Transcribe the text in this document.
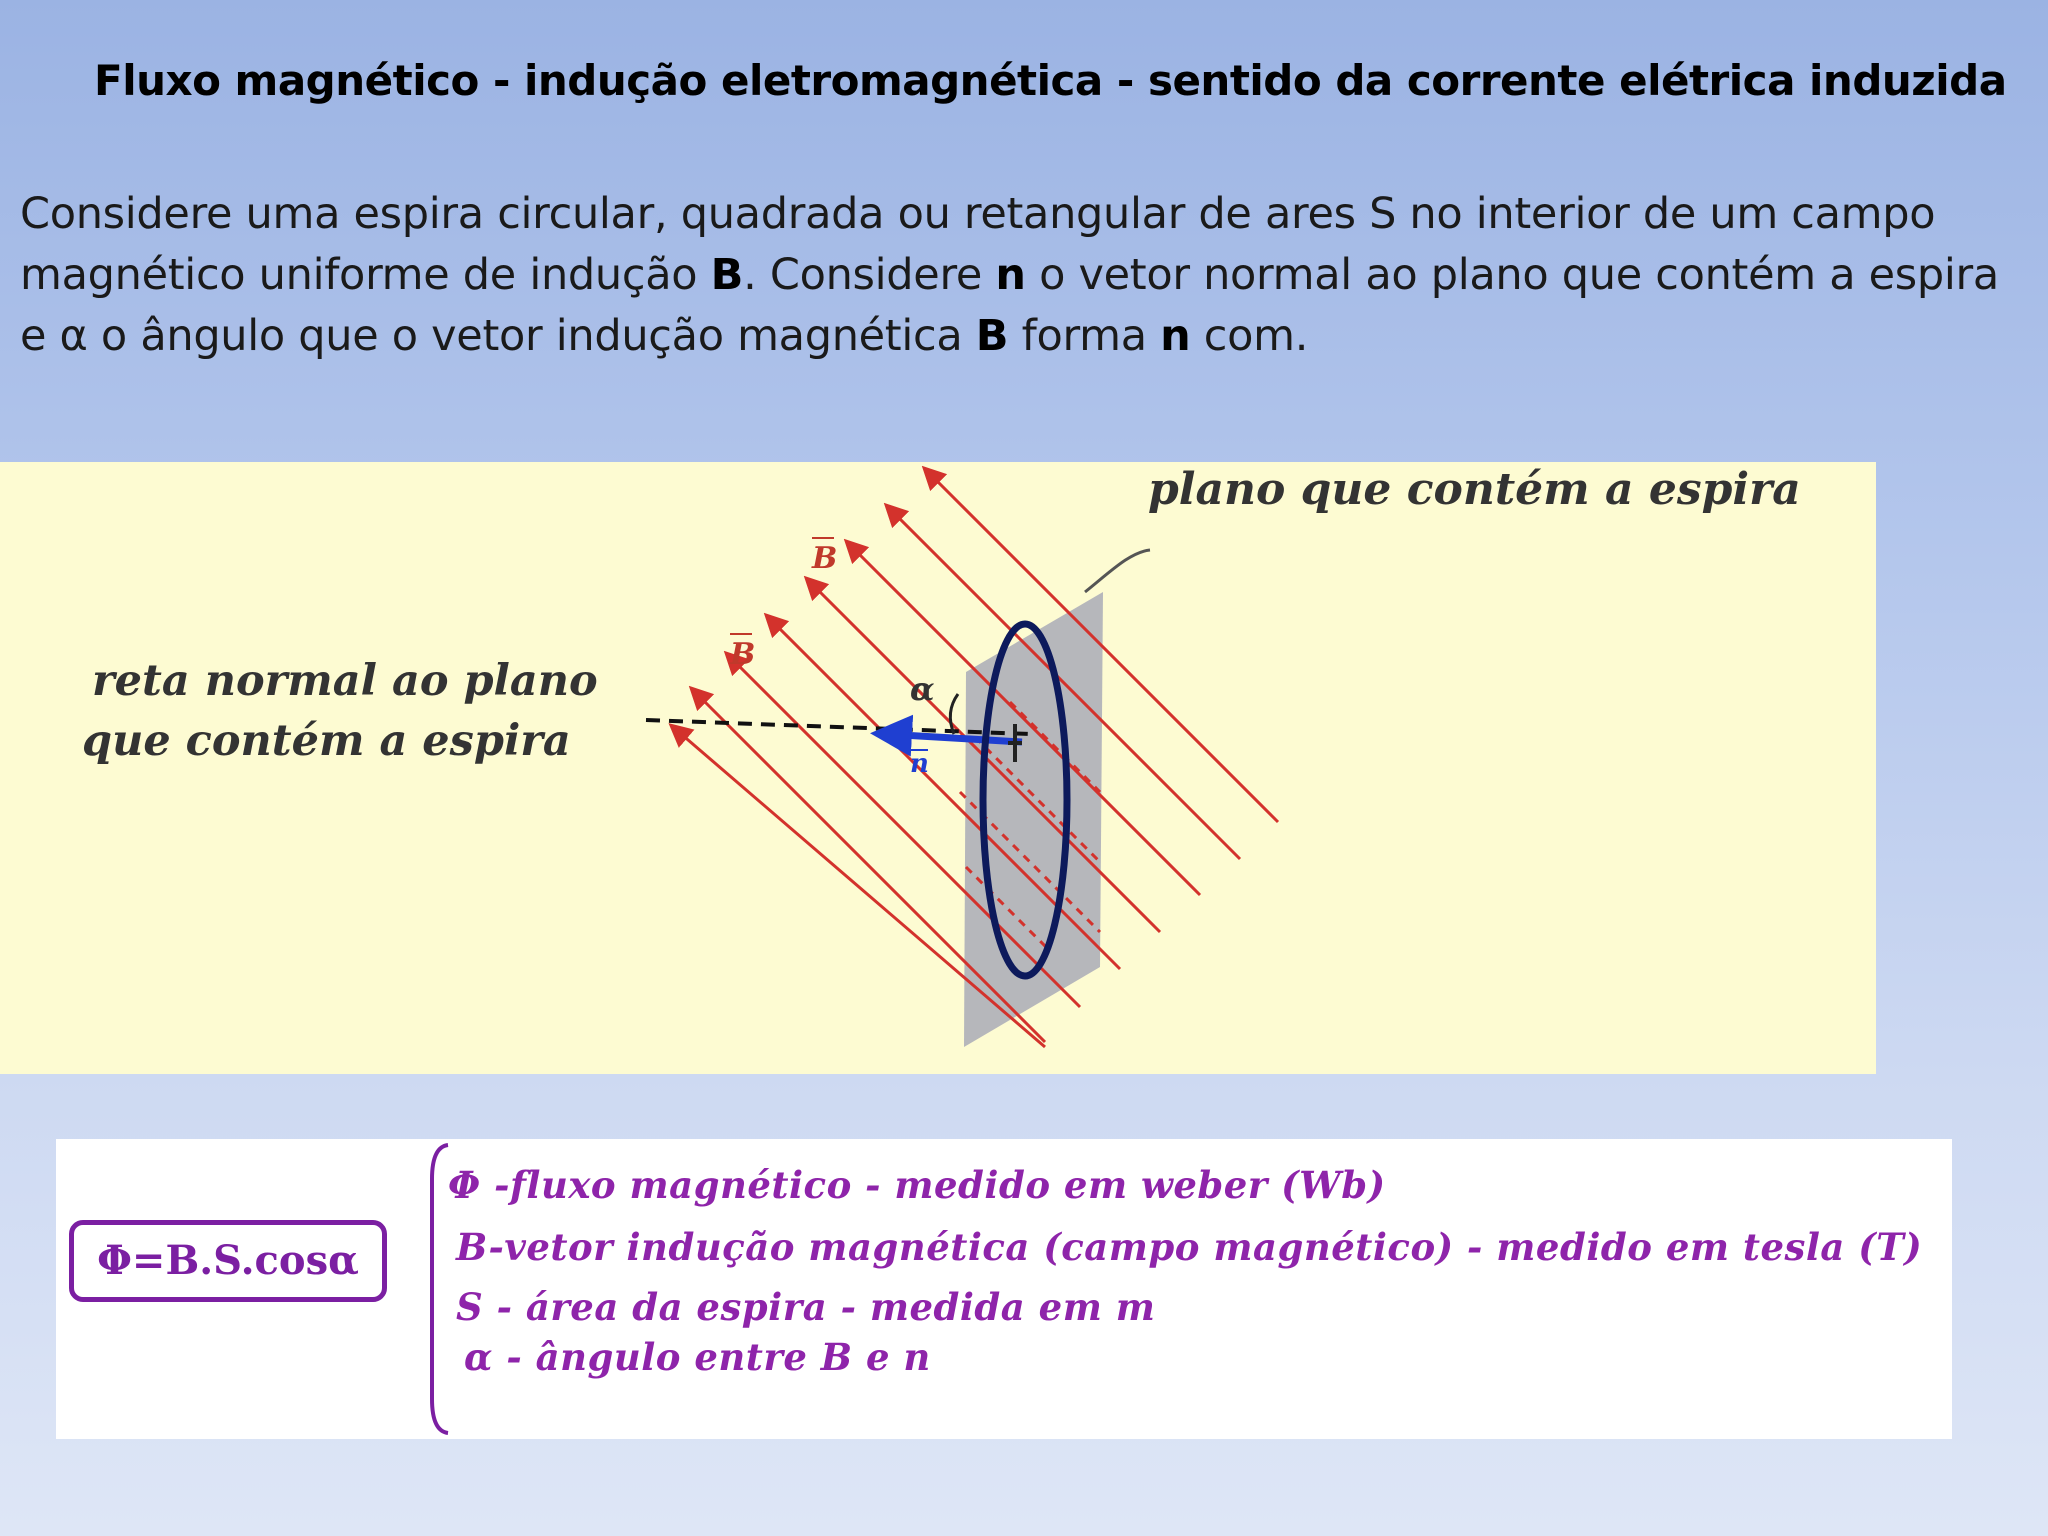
Fluxo magnético - indução eletromagnética - sentido da corrente elétrica induzida

Considere uma espira circular, quadrada ou retangular de ares S no interior de um campo magnético uniforme de indução B. Considere n o vetor normal ao plano que contém a espira e α o ângulo que o vetor indução magnética B forma n com.

plano que contém a espira
reta normal ao plano
que contém a espira
B
B
α
n
Φ=B.S.cosα
Φ -fluxo magnético - medido em weber (Wb)
B-vetor indução magnética (campo magnético) - medido em tesla (T)
S - área da espira - medida em m
α - ângulo entre B e n
